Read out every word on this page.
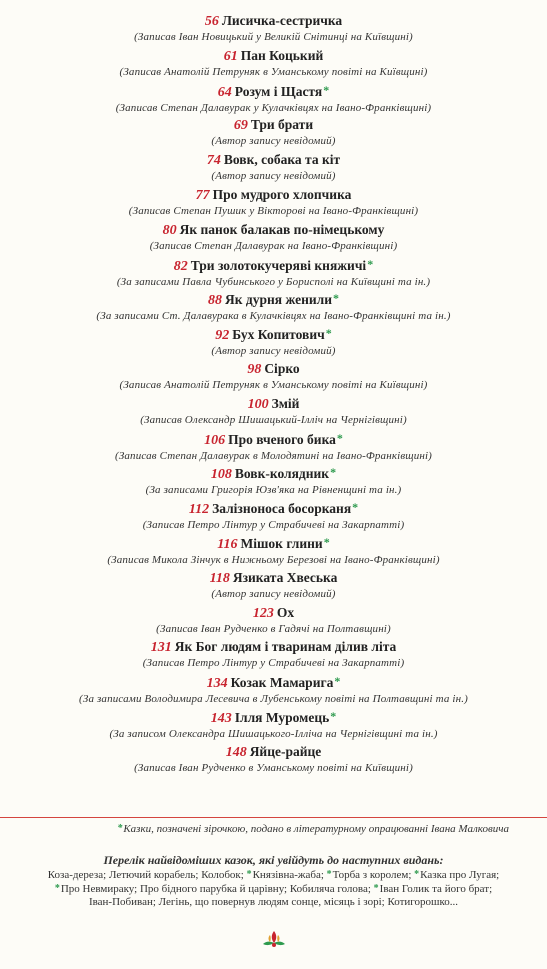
56 Лисичка-сестричка
(Записав Іван Новицький у Великій Снітинці на Київщині)
61 Пан Коцький
(Записав Анатолій Петруняк в Уманському повіті на Київщині)
64 Розум і Щастя*
(Записав Степан Далавурак у Кулачківцях на Івано-Франківщині)
69 Три брати
(Автор запису невідомий)
74 Вовк, собака та кіт
(Автор запису невідомий)
77 Про мудрого хлопчика
(Записав Степан Пушик у Вікторові на Івано-Франківщині)
80 Як панок балакав по-німецькому
(Записав Степан Далавурак на Івано-Франківщині)
82 Три золотокучеряві княжичі*
(За записами Павла Чубинського у Борисполі на Київщині та ін.)
88 Як дурня женили*
(За записами Ст. Далавурака в Кулачківцях на Івано-Франківщині та ін.)
92 Бух Копитович*
(Автор запису невідомий)
98 Сірко
(Записав Анатолій Петруняк в Уманському повіті на Київщині)
100 Змій
(Записав Олександр Шишацький-Ілліч на Чернігівщині)
106 Про вченого бика*
(Записав Степан Далавурак в Молодятині на Івано-Франківщині)
108 Вовк-колядник*
(За записами Григорія Юзв'яка на Рівненщині та ін.)
112 Залізноноса босорканя*
(Записав Петро Лінтур у Страбичеві на Закарпатті)
116 Мішок глини*
(Записав Микола Зінчук в Нижньому Березові на Івано-Франківщині)
118 Язиката Хвеська
(Автор запису невідомий)
123 Ох
(Записав Іван Рудченко в Гадячі на Полтавщині)
131 Як Бог людям і тваринам ділив літа
(Записав Петро Лінтур у Страбичеві на Закарпатті)
134 Козак Мамарига*
(За записами Володимира Лесевича в Лубенському повіті на Полтавщині та ін.)
143 Ілля Муромець*
(За записом Олександра Шишацького-Ілліча на Чернігівщині та ін.)
148 Яйце-райце
(Записав Іван Рудченко в Уманському повіті на Київщині)
*Казки, позначені зірочкою, подано в літературному опрацюванні Івана Малковича
Перелік найвідоміших казок, які увійдуть до наступних видань:
Коза-дереза; Летючий корабель; Колобок; *Князівна-жаба; *Торба з королем; *Казка про Лугая;
*Про Невмираку; Про бідного парубка й царівну; Кобиляча голова; *Іван Голик та його брат;
Іван-Побиван; Легінь, що повернув людям сонце, місяць і зорі; Котигорошко...
